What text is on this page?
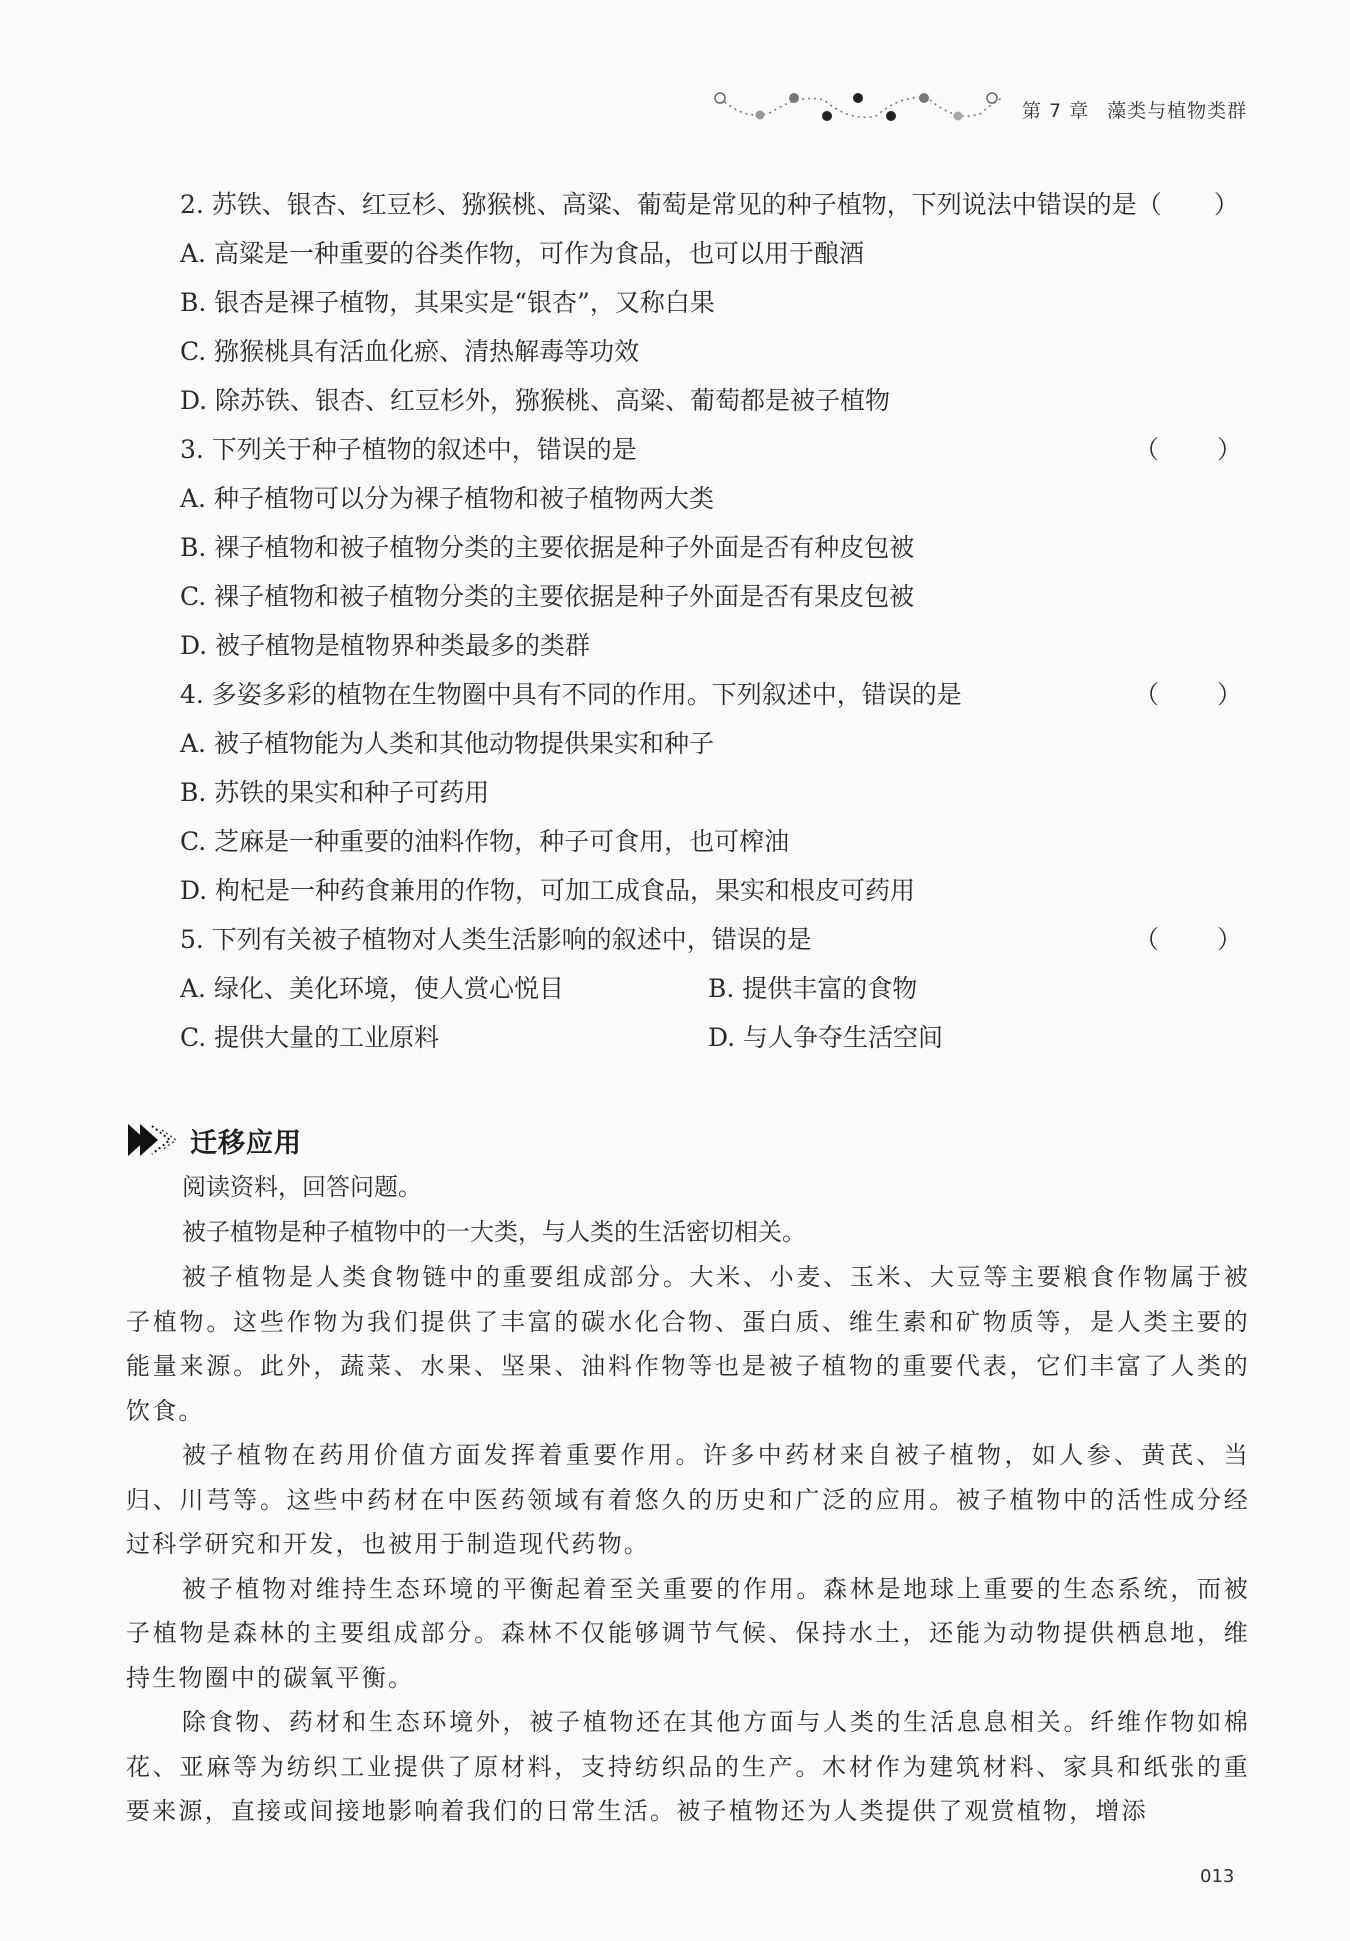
第 7 章 藻类与植物类群
2. 苏铁、银杏、红豆杉、猕猴桃、高粱、葡萄是常见的种子植物，下列说法中错误的是（ ）
A. 高粱是一种重要的谷类作物，可作为食品，也可以用于酿酒
B. 银杏是裸子植物，其果实是“银杏”，又称白果
C. 猕猴桃具有活血化瘀、清热解毒等功效
D. 除苏铁、银杏、红豆杉外，猕猴桃、高粱、葡萄都是被子植物
3. 下列关于种子植物的叙述中，错误的是	（ ）
A. 种子植物可以分为裸子植物和被子植物两大类
B. 裸子植物和被子植物分类的主要依据是种子外面是否有种皮包被
C. 裸子植物和被子植物分类的主要依据是种子外面是否有果皮包被
D. 被子植物是植物界种类最多的类群
4. 多姿多彩的植物在生物圈中具有不同的作用。下列叙述中，错误的是	（ ）
A. 被子植物能为人类和其他动物提供果实和种子
B. 苏铁的果实和种子可药用
C. 芝麻是一种重要的油料作物，种子可食用，也可榨油
D. 枸杞是一种药食兼用的作物，可加工成食品，果实和根皮可药用
5. 下列有关被子植物对人类生活影响的叙述中，错误的是	（ ）
A. 绿化、美化环境，使人赏心悦目	B. 提供丰富的食物
C. 提供大量的工业原料	D. 与人争夺生活空间
迁移应用
阅读资料，回答问题。
被子植物是种子植物中的一大类，与人类的生活密切相关。

被子植物是人类食物链中的重要组成部分。大米、小麦、玉米、大豆等主要粮食作物属于被子植物。这些作物为我们提供了丰富的碳水化合物、蛋白质、维生素和矿物质等，是人类主要的能量来源。此外，蔬菜、水果、坚果、油料作物等也是被子植物的重要代表，它们丰富了人类的饮食。

被子植物在药用价值方面发挥着重要作用。许多中药材来自被子植物，如人参、黄芪、当归、川芎等。这些中药材在中医药领域有着悠久的历史和广泛的应用。被子植物中的活性成分经过科学研究和开发，也被用于制造现代药物。

被子植物对维持生态环境的平衡起着至关重要的作用。森林是地球上重要的生态系统，而被子植物是森林的主要组成部分。森林不仅能够调节气候、保持水土，还能为动物提供栖息地，维持生物圈中的碳氧平衡。

除食物、药材和生态环境外，被子植物还在其他方面与人类的生活息息相关。纤维作物如棉花、亚麻等为纺织工业提供了原材料，支持纺织品的生产。木材作为建筑材料、家具和纸张的重要来源，直接或间接地影响着我们的日常生活。被子植物还为人类提供了观赏植物，增添

013
